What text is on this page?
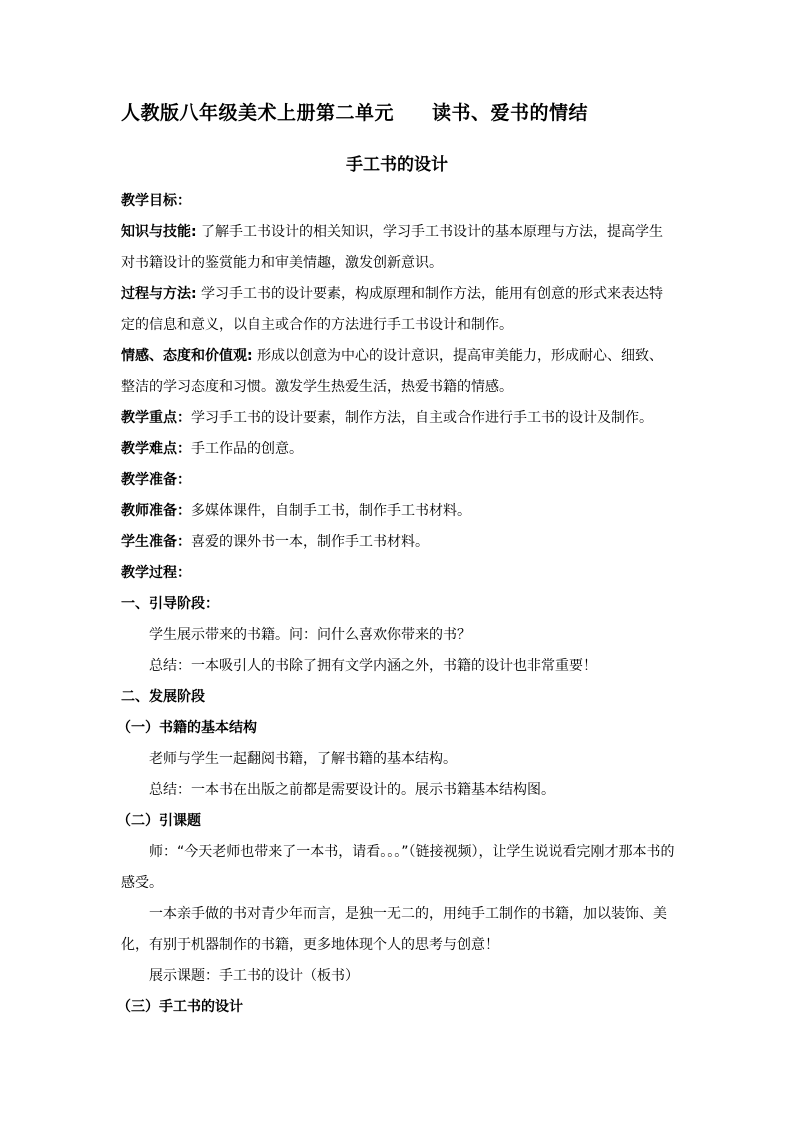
人教版八年级美术上册第二单元 读书、爱书的情结
手工书的设计

教学目标：

知识与技能: 了解手工书设计的相关知识，学习手工书设计的基本原理与方法，提高学生对书籍设计的鉴赏能力和审美情趣，激发创新意识。

过程与方法: 学习手工书的设计要素，构成原理和制作方法，能用有创意的形式来表达特定的信息和意义，以自主或合作的方法进行手工书设计和制作。

情感、态度和价值观: 形成以创意为中心的设计意识，提高审美能力，形成耐心、细致、整洁的学习态度和习惯。激发学生热爱生活，热爱书籍的情感。

教学重点：学习手工书的设计要素，制作方法，自主或合作进行手工书的设计及制作。

教学难点：手工作品的创意。

教学准备：

教师准备：多媒体课件，自制手工书，制作手工书材料。

学生准备：喜爱的课外书一本，制作手工书材料。

教学过程：

一、引导阶段：

学生展示带来的书籍。问：问什么喜欢你带来的书？

总结：一本吸引人的书除了拥有文学内涵之外，书籍的设计也非常重要！

二、发展阶段

（一）书籍的基本结构

老师与学生一起翻阅书籍，了解书籍的基本结构。

总结：一本书在出版之前都是需要设计的。展示书籍基本结构图。

（二）引课题

师：“今天老师也带来了一本书，请看。。。”（链接视频），让学生说说看完刚才那本书的感受。

一本亲手做的书对青少年而言，是独一无二的，用纯手工制作的书籍，加以装饰、美化，有别于机器制作的书籍，更多地体现个人的思考与创意！

展示课题：手工书的设计（板书）

（三）手工书的设计
